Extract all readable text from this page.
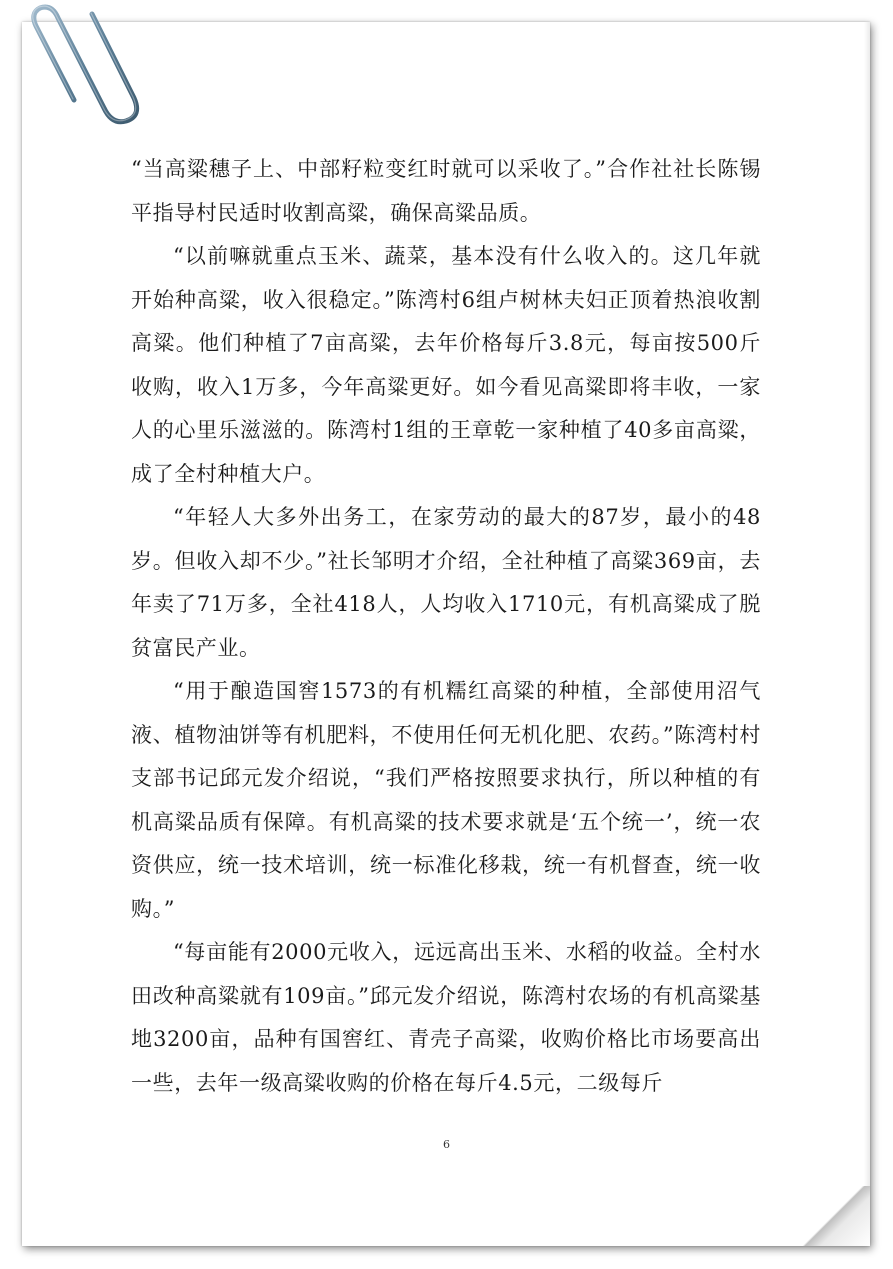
“当高粱穗子上、中部籽粒变红时就可以采收了。”合作社社长陈锡平指导村民适时收割高粱，确保高粱品质。

“以前嘛就重点玉米、蔬菜，基本没有什么收入的。这几年就开始种高粱，收入很稳定。”陈湾村6组卢树林夫妇正顶着热浪收割高粱。他们种植了7亩高粱，去年价格每斤3.8元，每亩按500斤收购，收入1万多，今年高粱更好。如今看见高粱即将丰收，一家人的心里乐滋滋的。陈湾村1组的王章乾一家种植了40多亩高粱，成了全村种植大户。

“年轻人大多外出务工，在家劳动的最大的87岁，最小的48岁。但收入却不少。”社长邹明才介绍，全社种植了高粱369亩，去年卖了71万多，全社418人，人均收入1710元，有机高粱成了脱贫富民产业。

“用于酿造国窖1573的有机糯红高粱的种植，全部使用沼气液、植物油饼等有机肥料，不使用任何无机化肥、农药。”陈湾村村支部书记邱元发介绍说，“我们严格按照要求执行，所以种植的有机高粱品质有保障。有机高粱的技术要求就是‘五个统一’，统一农资供应，统一技术培训，统一标准化移栽，统一有机督查，统一收购。”

“每亩能有2000元收入，远远高出玉米、水稻的收益。全村水田改种高粱就有109亩。”邱元发介绍说，陈湾村农场的有机高粱基地3200亩，品种有国窖红、青壳子高粱，收购价格比市场要高出一些，去年一级高粱收购的价格在每斤4.5元，二级每斤

6
